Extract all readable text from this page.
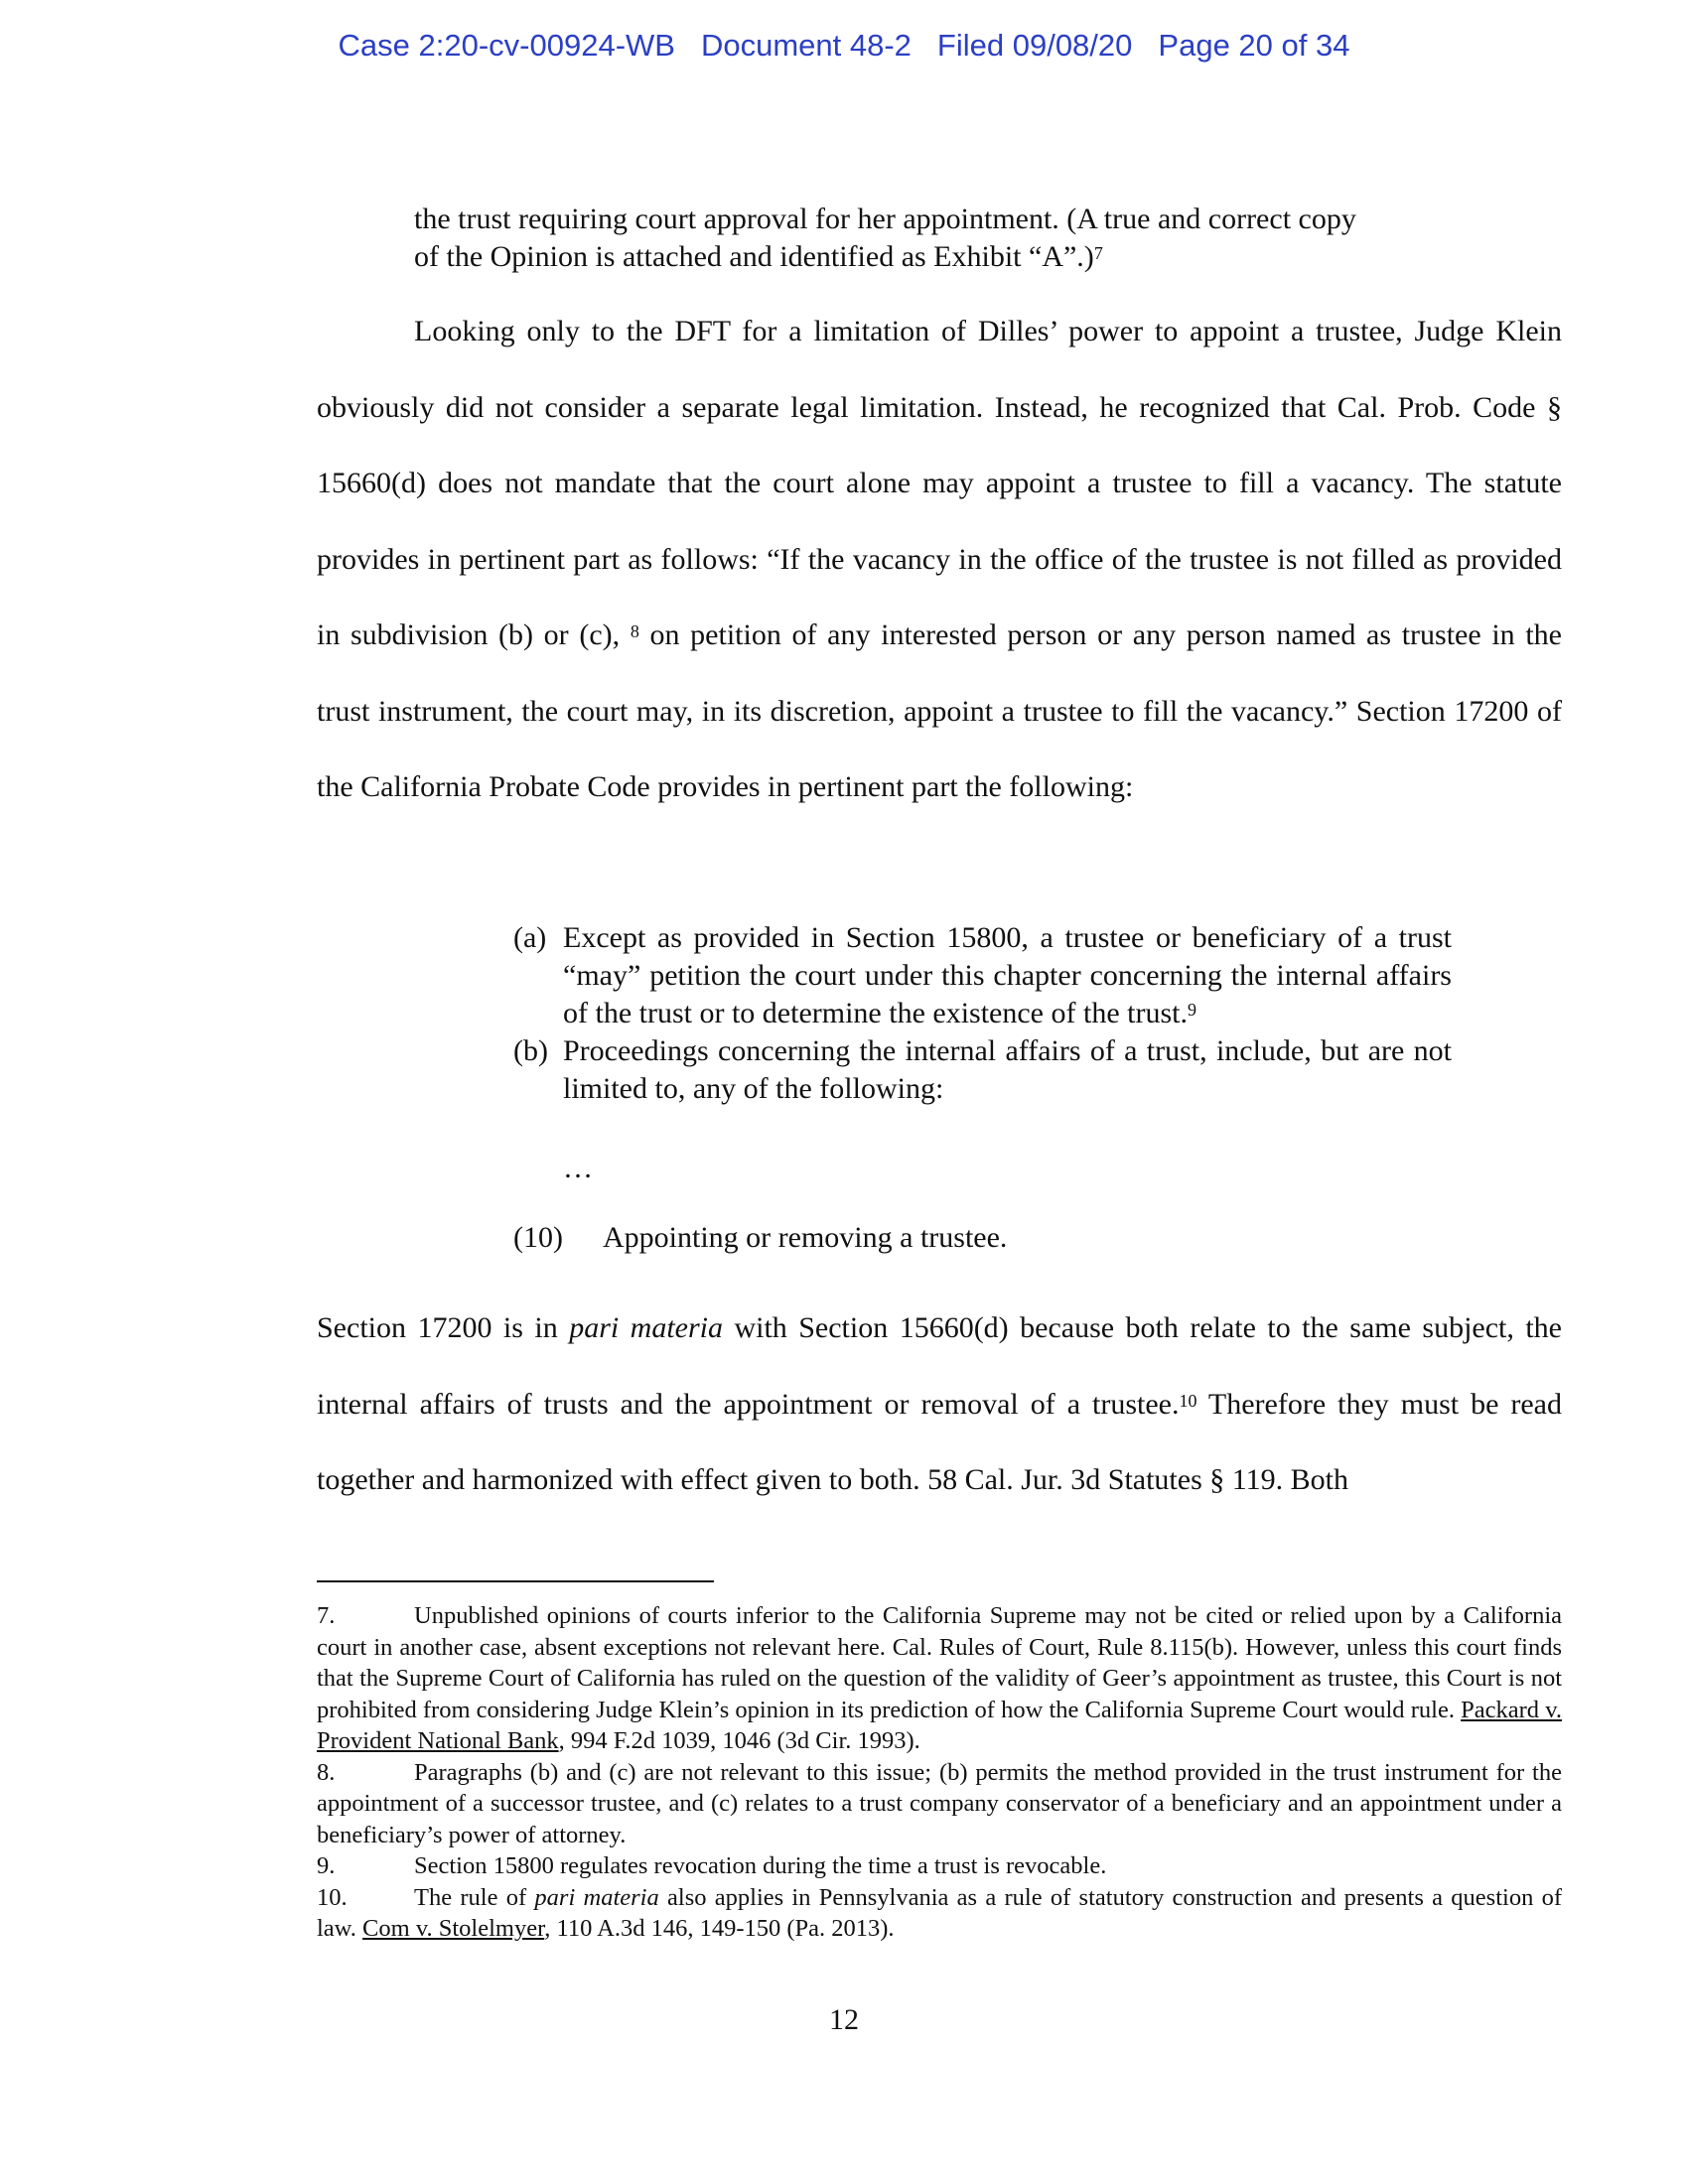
Case 2:20-cv-00924-WB Document 48-2 Filed 09/08/20 Page 20 of 34
the trust requiring court approval for her appointment. (A true and correct copy
of the Opinion is attached and identified as Exhibit “A”.)$^7$
Looking only to the DFT for a limitation of Dilles’ power to appoint a trustee, Judge Klein obviously did not consider a separate legal limitation. Instead, he recognized that Cal. Prob. Code § 15660(d) does not mandate that the court alone may appoint a trustee to fill a vacancy. The statute provides in pertinent part as follows: “If the vacancy in the office of the trustee is not filled as provided in subdivision (b) or (c), $^8$ on petition of any interested person or any person named as trustee in the trust instrument, the court may, in its discretion, appoint a trustee to fill the vacancy.” Section 17200 of the California Probate Code provides in pertinent part the following:
(a) Except as provided in Section 15800, a trustee or beneficiary of a trust “may” petition the court under this chapter concerning the internal affairs of the trust or to determine the existence of the trust.$^9$
(b) Proceedings concerning the internal affairs of a trust, include, but are not limited to, any of the following:
…
(10) Appointing or removing a trustee.
Section 17200 is in pari materia with Section 15660(d) because both relate to the same subject, the internal affairs of trusts and the appointment or removal of a trustee.$^{10}$ Therefore they must be read together and harmonized with effect given to both. 58 Cal. Jur. 3d Statutes § 119. Both
7.	Unpublished opinions of courts inferior to the California Supreme may not be cited or relied upon by a California court in another case, absent exceptions not relevant here. Cal. Rules of Court, Rule 8.115(b). However, unless this court finds that the Supreme Court of California has ruled on the question of the validity of Geer’s appointment as trustee, this Court is not prohibited from considering Judge Klein’s opinion in its prediction of how the California Supreme Court would rule. Packard v. Provident National Bank, 994 F.2d 1039, 1046 (3d Cir. 1993).
8.	Paragraphs (b) and (c) are not relevant to this issue; (b) permits the method provided in the trust instrument for the appointment of a successor trustee, and (c) relates to a trust company conservator of a beneficiary and an appointment under a beneficiary’s power of attorney.
9.	Section 15800 regulates revocation during the time a trust is revocable.
10.	The rule of pari materia also applies in Pennsylvania as a rule of statutory construction and presents a question of law. Com v. Stolelmyer, 110 A.3d 146, 149-150 (Pa. 2013).
12
